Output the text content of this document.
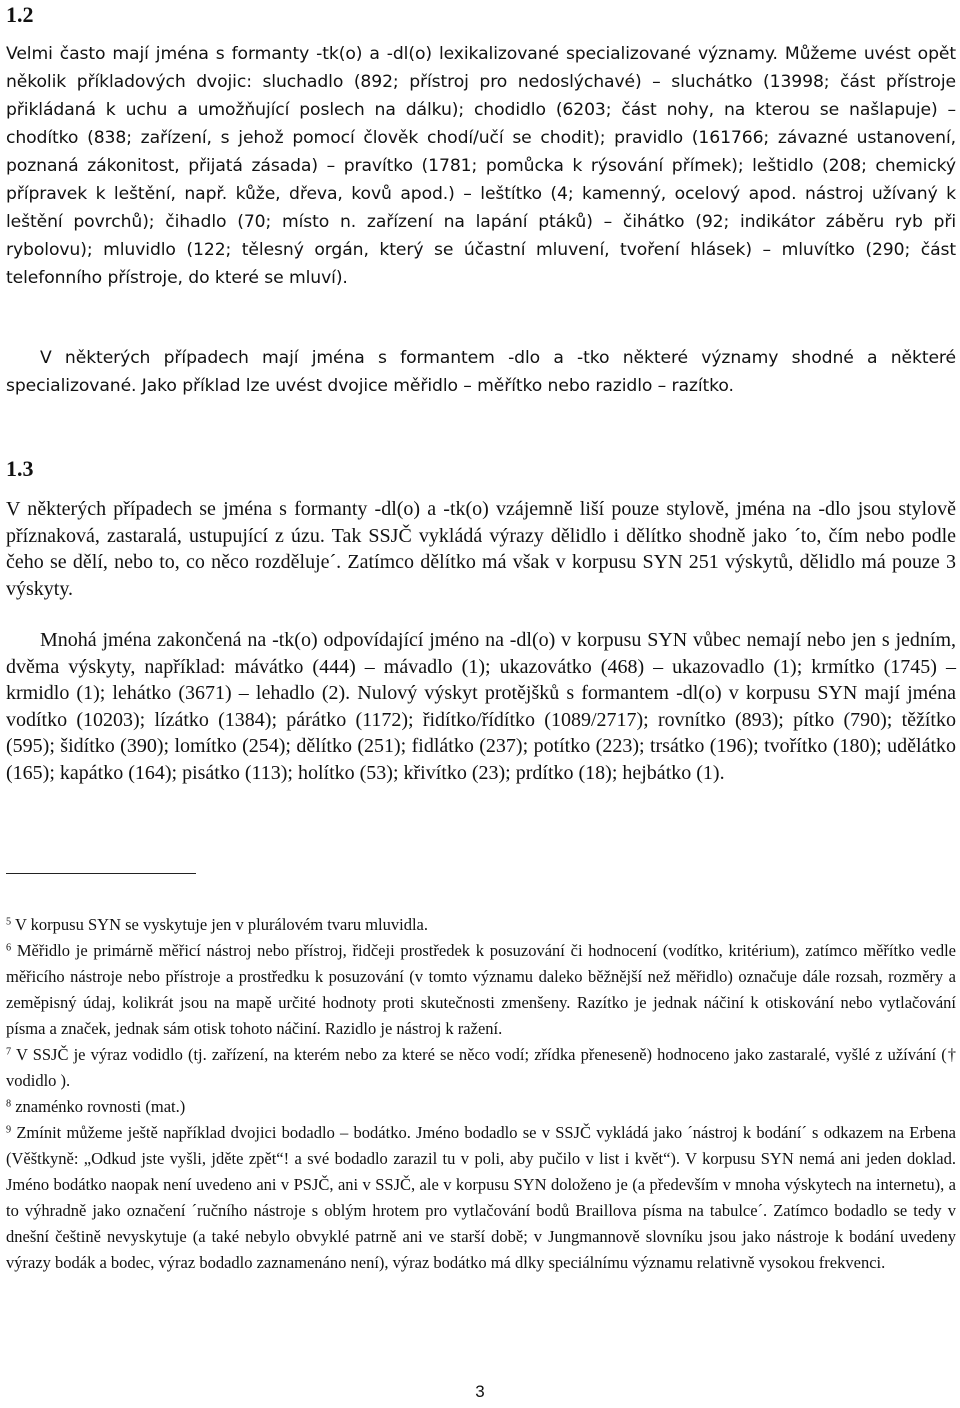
1.2

Velmi často mají jména s formanty -tk(o) a -dl(o) lexikalizované specializované významy. Můžeme uvést opět několik příkladových dvojic: sluchadlo (892; přístroj pro nedoslýchavé) – sluchátko (13998; část přístroje přikládaná k uchu a umožňující poslech na dálku); chodidlo (6203; část nohy, na kterou se našlapuje) – chodítko (838; zařízení, s jehož pomocí člověk chodí/učí se chodit); pravidlo (161766; závazné ustanovení, poznaná zákonitost, přijatá zásada) – pravítko (1781; pomůcka k rýsování přímek); leštidlo (208; chemický přípravek k leštění, např. kůže, dřeva, kovů apod.) – leštítko (4; kamenný, ocelový apod. nástroj užívaný k leštění povrchů); čihadlo (70; místo n. zařízení na lapání ptáků) – čihátko (92; indikátor záběru ryb při rybolovu); mluvidlo (122; tělesný orgán, který se účastní mluvení, tvoření hlásek) – mluvítko (290; část telefonního přístroje, do které se mluví).

V některých případech mají jména s formantem -dlo a -tko některé významy shodné a některé specializované. Jako příklad lze uvést dvojice měřidlo – měřítko nebo razidlo – razítko.

1.3

V některých případech se jména s formanty -dl(o) a -tk(o) vzájemně liší pouze stylově, jména na -dlo jsou stylově příznaková, zastaralá, ustupující z úzu. Tak SSJČ vykládá výrazy dělidlo i dělítko shodně jako ´to, čím nebo podle čeho se dělí, nebo to, co něco rozděluje´. Zatímco dělítko má však v korpusu SYN 251 výskytů, dělidlo má pouze 3 výskyty.

Mnohá jména zakončená na -tk(o) odpovídající jméno na -dl(o) v korpusu SYN vůbec nemají nebo jen s jedním, dvěma výskyty, například: mávátko (444) – mávadlo (1); ukazovátko (468) – ukazovadlo (1); krmítko (1745) – krmidlo (1); lehátko (3671) – lehadlo (2). Nulový výskyt protějšků s formantem -dl(o) v korpusu SYN mají jména vodítko (10203); lízátko (1384); párátko (1172); řidítko/řídítko (1089/2717); rovnítko (893); pítko (790); těžítko (595); šidítko (390); lomítko (254); dělítko (251); fidlátko (237); potítko (223); trsátko (196); tvořítko (180); udělátko (165); kapátko (164); pisátko (113); holítko (53); křivítko (23); prdítko (18); hejbátko (1).

$^5$ V korpusu SYN se vyskytuje jen v plurálovém tvaru mluvidla.

$^6$ Měřidlo je primárně měřicí nástroj nebo přístroj, řidčeji prostředek k posuzování či hodnocení (vodítko, kritérium), zatímco měřítko vedle měřicího nástroje nebo přístroje a prostředku k posuzování (v tomto významu daleko běžnější než měřidlo) označuje dále rozsah, rozměry a zeměpisný údaj, kolikrát jsou na mapě určité hodnoty proti skutečnosti zmenšeny. Razítko je jednak náčiní k otiskování nebo vytlačování písma a značek, jednak sám otisk tohoto náčiní. Razidlo je nástroj k ražení.

$^7$ V SSJČ je výraz vodidlo (tj. zařízení, na kterém nebo za které se něco vodí; zřídka přeneseně) hodnoceno jako zastaralé, vyšlé z užívání († vodidlo ).

$^8$ znaménko rovnosti (mat.)

$^9$ Zmínit můžeme ještě například dvojici bodadlo – bodátko. Jméno bodadlo se v SSJČ vykládá jako ´nástroj k bodání´ s odkazem na Erbena (Věštkyně: „Odkud jste vyšli, jděte zpět“! a své bodadlo zarazil tu v poli, aby pučilo v list i květ“). V korpusu SYN nemá ani jeden doklad. Jméno bodátko naopak není uvedeno ani v PSJČ, ani v SSJČ, ale v korpusu SYN doloženo je (a především v mnoha výskytech na internetu), a to výhradně jako označení ´ručního nástroje s oblým hrotem pro vytlačování bodů Braillova písma na tabulce´. Zatímco bodadlo se tedy v dnešní češtině nevyskytuje (a také nebylo obvyklé patrně ani ve starší době; v Jungmannově slovníku jsou jako nástroje k bodání uvedeny výrazy bodák a bodec, výraz bodadlo zaznamenáno není), výraz bodátko má dlky speciálnímu významu relativně vysokou frekvenci.

3
